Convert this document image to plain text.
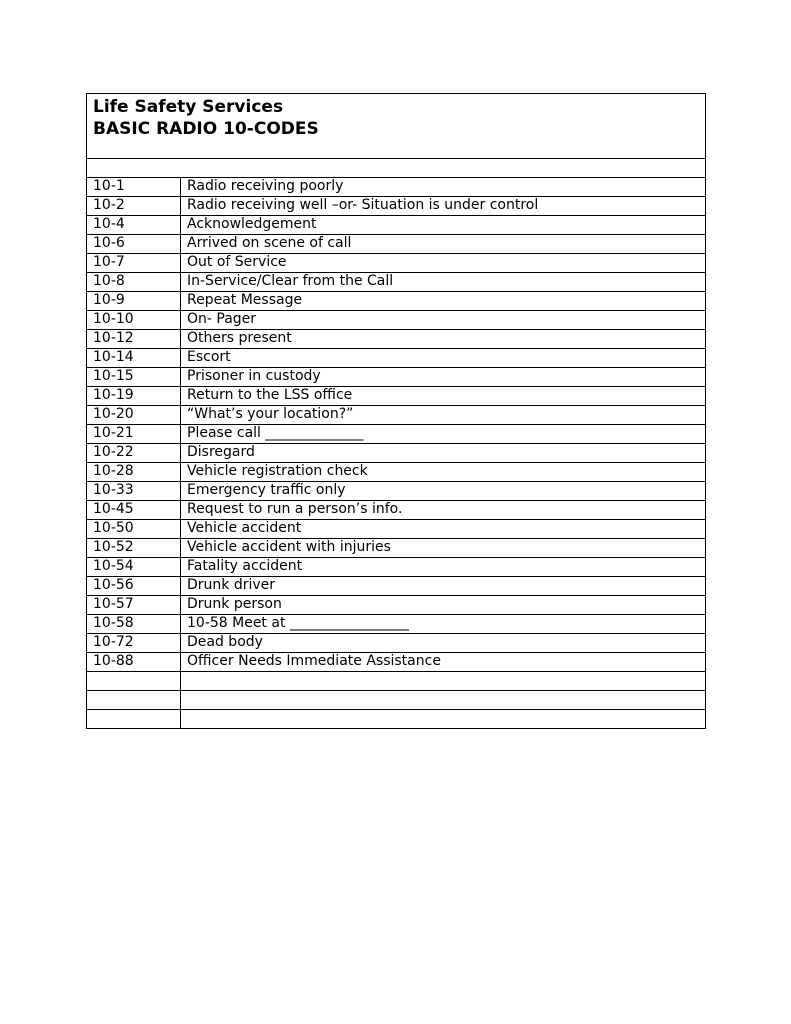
Life Safety Services
BASIC RADIO 10-CODES	

10-1	Radio receiving poorly
10-2	Radio receiving well –or- Situation is under control
10-4	Acknowledgement
10-6	Arrived on scene of call
10-7	Out of Service
10-8	In-Service/Clear from the Call
10-9	Repeat Message
10-10	On- Pager
10-12	Others present
10-14	Escort
10-15	Prisoner in custody
10-19	Return to the LSS office
10-20	“What’s your location?”
10-21	Please call ______________
10-22	Disregard
10-28	Vehicle registration check
10-33	Emergency traffic only
10-45	Request to run a person’s info.
10-50	Vehicle accident
10-52	Vehicle accident with injuries
10-54	Fatality accident
10-56	Drunk driver
10-57	Drunk person
10-58	10-58 Meet at _________________
10-72	Dead body
10-88	Officer Needs Immediate Assistance
